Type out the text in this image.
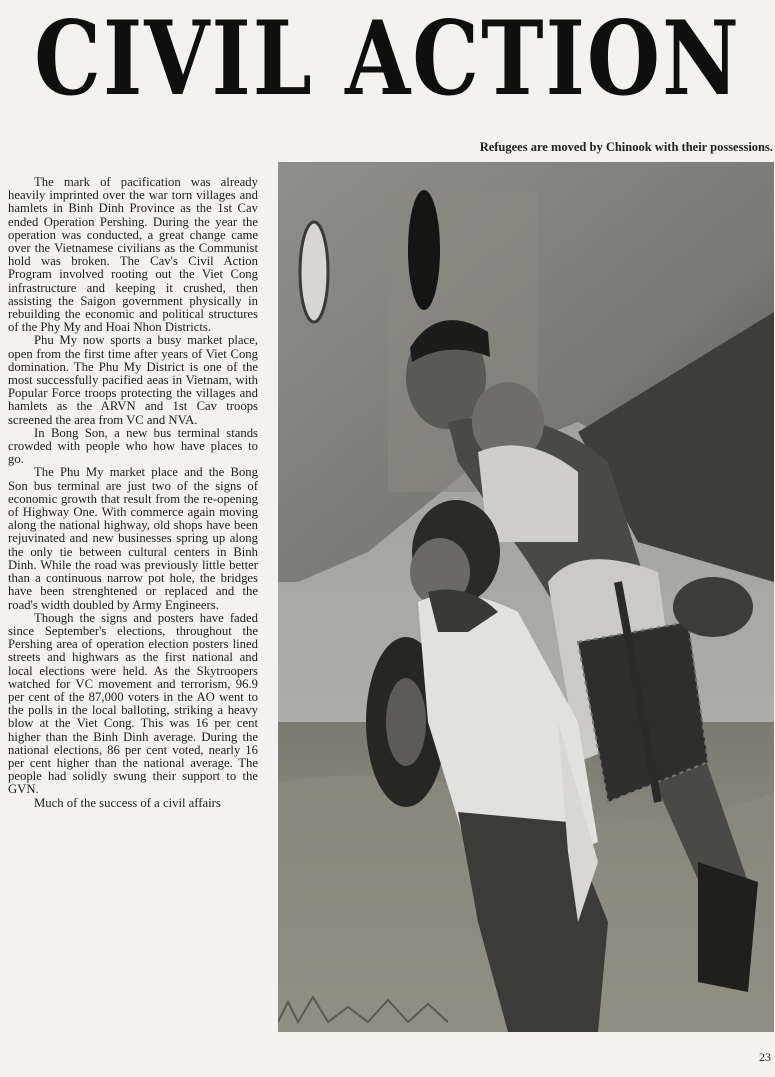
CIVIL ACTION
Refugees are moved by Chinook with their possessions.

The mark of pacification was already heavily imprinted over the war torn villages and hamlets in Binh Dinh Province as the 1st Cav ended Operation Pershing. During the year the operation was conducted, a great change came over the Vietnamese civilians as the Communist hold was broken. The Cav's Civil Action Program involved rooting out the Viet Cong infrastructure and keeping it crushed, then assisting the Saigon government physically in rebuilding the economic and political structures of the Phy My and Hoai Nhon Districts.

Phu My now sports a busy market place, open from the first time after years of Viet Cong domination. The Phu My District is one of the most successfully pacified aeas in Vietnam, with Popular Force troops protecting the villages and hamlets as the ARVN and 1st Cav troops screened the area from VC and NVA.

In Bong Son, a new bus terminal stands crowded with people who how have places to go.

The Phu My market place and the Bong Son bus terminal are just two of the signs of economic growth that result from the re-opening of Highway One. With commerce again moving along the national highway, old shops have been rejuvinated and new businesses spring up along the only tie between cultural centers in Binh Dinh. While the road was previously little better than a continuous narrow pot hole, the bridges have been strenghtened or replaced and the road's width doubled by Army Engineers.

Though the signs and posters have faded since September's elections, throughout the Pershing area of operation election posters lined streets and highwars as the first national and local elections were held. As the Skytroopers watched for VC movement and terrorism, 96.9 per cent of the 87,000 voters in the AO went to the polls in the local balloting, striking a heavy blow at the Viet Cong. This was 16 per cent higher than the Binh Dinh average. During the national elections, 86 per cent voted, nearly 16 per cent higher than the national average. The people had solidly swung their support to the GVN.

Much of the success of a civil affairs

23
